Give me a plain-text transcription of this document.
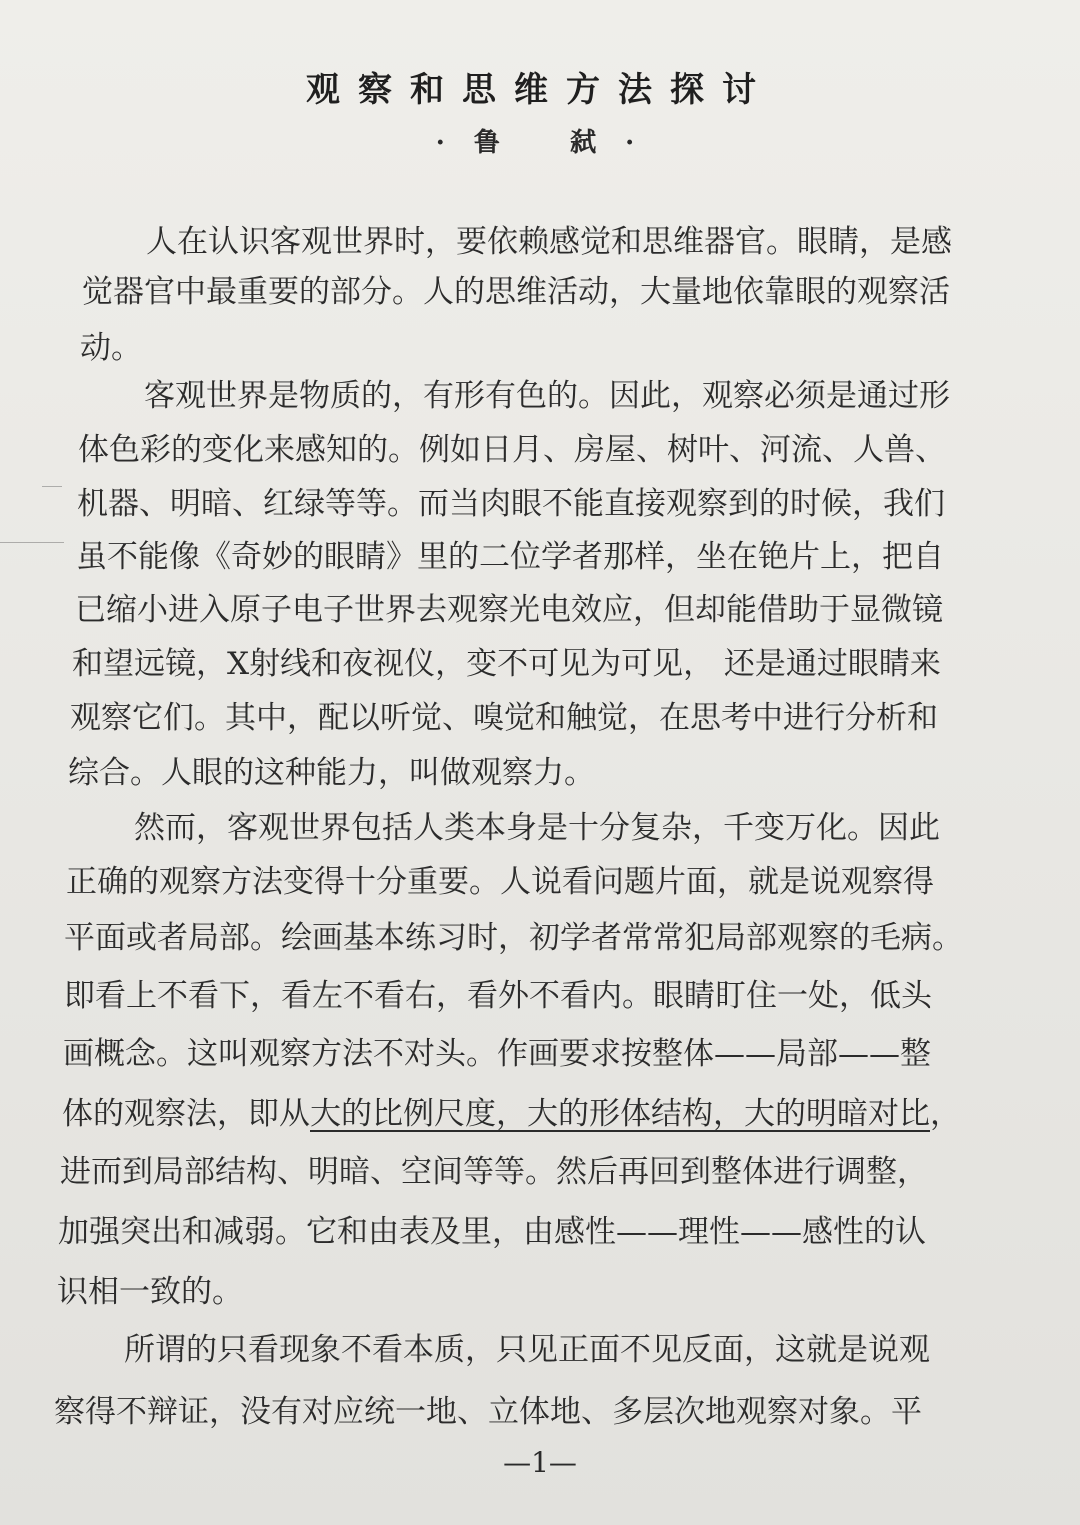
观察和思维方法探讨
· 鲁 弑 ·
人在认识客观世界时，要依赖感觉和思维器官。眼睛，是感
觉器官中最重要的部分。人的思维活动，大量地依靠眼的观察活
动。
客观世界是物质的，有形有色的。因此，观察必须是通过形
体色彩的变化来感知的。例如日月、房屋、树叶、河流、人兽、
机器、明暗、红绿等等。而当肉眼不能直接观察到的时候，我们
虽不能像《奇妙的眼睛》里的二位学者那样，坐在铯片上，把自
已缩小进入原子电子世界去观察光电效应，但却能借助于显微镜
和望远镜，X射线和夜视仪，变不可见为可见， 还是通过眼睛来
观察它们。其中，配以听觉、嗅觉和触觉，在思考中进行分析和
综合。人眼的这种能力，叫做观察力。
然而，客观世界包括人类本身是十分复杂，千变万化。因此
正确的观察方法变得十分重要。人说看问题片面，就是说观察得
平面或者局部。绘画基本练习时，初学者常常犯局部观察的毛病。
即看上不看下，看左不看右，看外不看内。眼睛盯住一处，低头
画概念。这叫观察方法不对头。作画要求按整体——局部——整
体的观察法，即从大的比例尺度，大的形体结构，大的明暗对比，
进而到局部结构、明暗、空间等等。然后再回到整体进行调整，
加强突出和减弱。它和由表及里，由感性——理性——感性的认
识相一致的。
所谓的只看现象不看本质，只见正面不见反面，这就是说观
察得不辩证，没有对应统一地、立体地、多层次地观察对象。平
—1—
